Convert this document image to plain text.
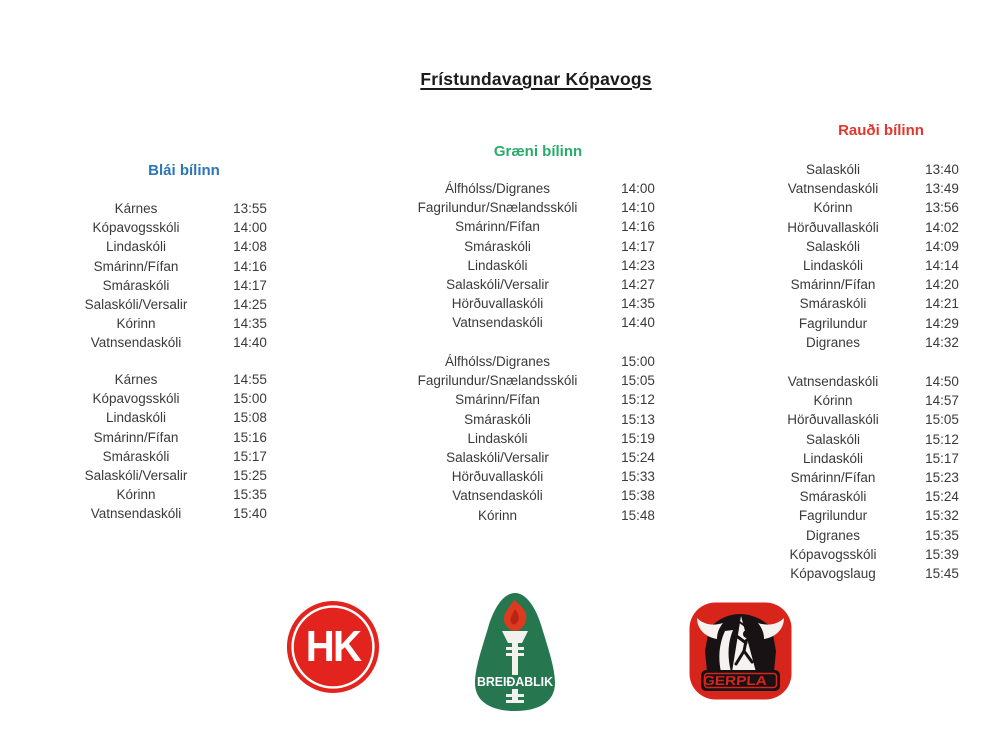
Frístundavagnar Kópavogs
Blái bílinn
Græni bílinn
Rauði bílinn
Kárnes	13:55
Kópavogsskóli	14:00
Lindaskóli	14:08
Smárinn/Fífan	14:16
Smáraskóli	14:17
Salaskóli/Versalir	14:25
Kórinn	14:35
Vatnsendaskóli	14:40
Kárnes	14:55
Kópavogsskóli	15:00
Lindaskóli	15:08
Smárinn/Fífan	15:16
Smáraskóli	15:17
Salaskóli/Versalir	15:25
Kórinn	15:35
Vatnsendaskóli	15:40
Álfhólss/Digranes	14:00
Fagrilundur/Snælandsskóli	14:10
Smárinn/Fífan	14:16
Smáraskóli	14:17
Lindaskóli	14:23
Salaskóli/Versalir	14:27
Hörðuvallaskóli	14:35
Vatnsendaskóli	14:40
Álfhólss/Digranes	15:00
Fagrilundur/Snælandsskóli	15:05
Smárinn/Fífan	15:12
Smáraskóli	15:13
Lindaskóli	15:19
Salaskóli/Versalir	15:24
Hörðuvallaskóli	15:33
Vatnsendaskóli	15:38
Kórinn	15:48
Salaskóli	13:40
Vatnsendaskóli	13:49
Kórinn	13:56
Hörðuvallaskóli	14:02
Salaskóli	14:09
Lindaskóli	14:14
Smárinn/Fífan	14:20
Smáraskóli	14:21
Fagrilundur	14:29
Digranes	14:32
Vatnsendaskóli	14:50
Kórinn	14:57
Hörðuvallaskóli	15:05
Salaskóli	15:12
Lindaskóli	15:17
Smárinn/Fífan	15:23
Smáraskóli	15:24
Fagrilundur	15:32
Digranes	15:35
Kópavogsskóli	15:39
Kópavogslaug	15:45
HK
BREIÐABLIK	GERPLA
